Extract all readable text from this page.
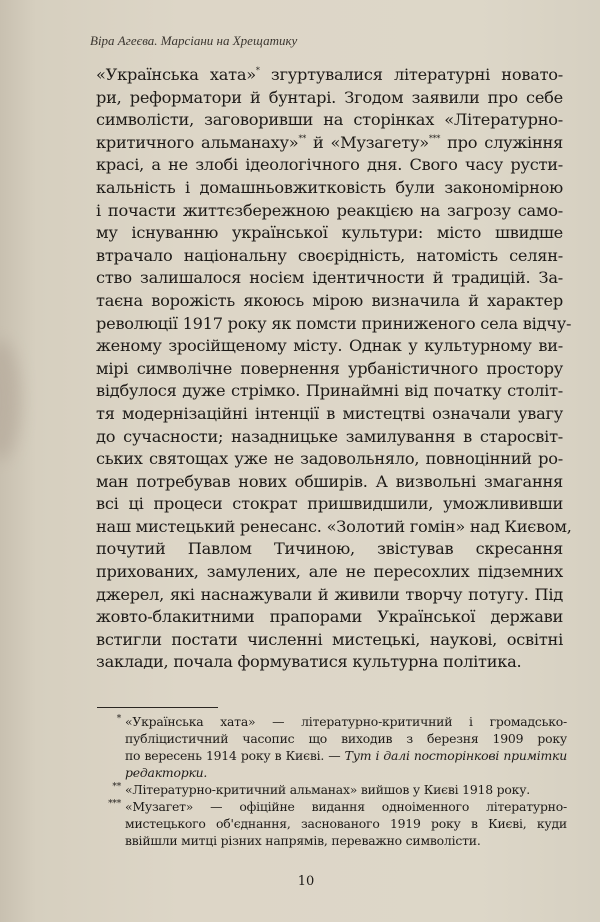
Віра Агеєва. Марсіани на Хрещатику
«Українська хата»* згуртувалися літературні новато-
ри, реформатори й бунтарі. Згодом заявили про себе
символісти, заговоривши на сторінках «Літературно-
критичного альманаху»** й «Музагету»*** про служіння
красі, а не злобі ідеологічного дня. Свого часу русти-
кальність і домашньовжитковість були закономірною
і почасти життєзбережною реакцією на загрозу само-
му існуванню української культури: місто швидше
втрачало національну своєрідність, натомість селян-
ство залишалося носієм ідентичности й традицій. За-
таєна ворожість якоюсь мірою визначила й характер
революції 1917 року як помсти приниженого села відчу-
женому зросійщеному місту. Однак у культурному ви-
мірі символічне повернення урбаністичного простору
відбулося дуже стрімко. Принаймні від початку століт-
тя модернізаційні інтенції в мистецтві означали увагу
до сучасности; назадницьке замилування в старосвіт-
ських святощах уже не задовольняло, повноцінний ро-
ман потребував нових обширів. А визвольні змагання
всі ці процеси стократ пришвидшили, уможлививши
наш мистецький ренесанс. «Золотий гомін» над Києвом,
почутий Павлом Тичиною, звістував скресання
прихованих, замулених, але не пересохлих підземних
джерел, які наснажували й живили творчу потугу. Під
жовто-блакитними прапорами Української держави
встигли постати численні мистецькі, наукові, освітні
заклади, почала формуватися культурна політика.
* «Українська хата» — літературно-критичний і громадсько-
публіцистичний часопис що виходив з березня 1909 року
по вересень 1914 року в Києві. — Тут і далі посторінкові примітки
редакторки.
** «Літературно-критичний альманах» вийшов у Києві 1918 року.
*** «Музагет» — офіційне видання одноіменного літературно-
мистецького об'єднання, заснованого 1919 року в Києві, куди
ввійшли митці різних напрямів, переважно символісти.
10
